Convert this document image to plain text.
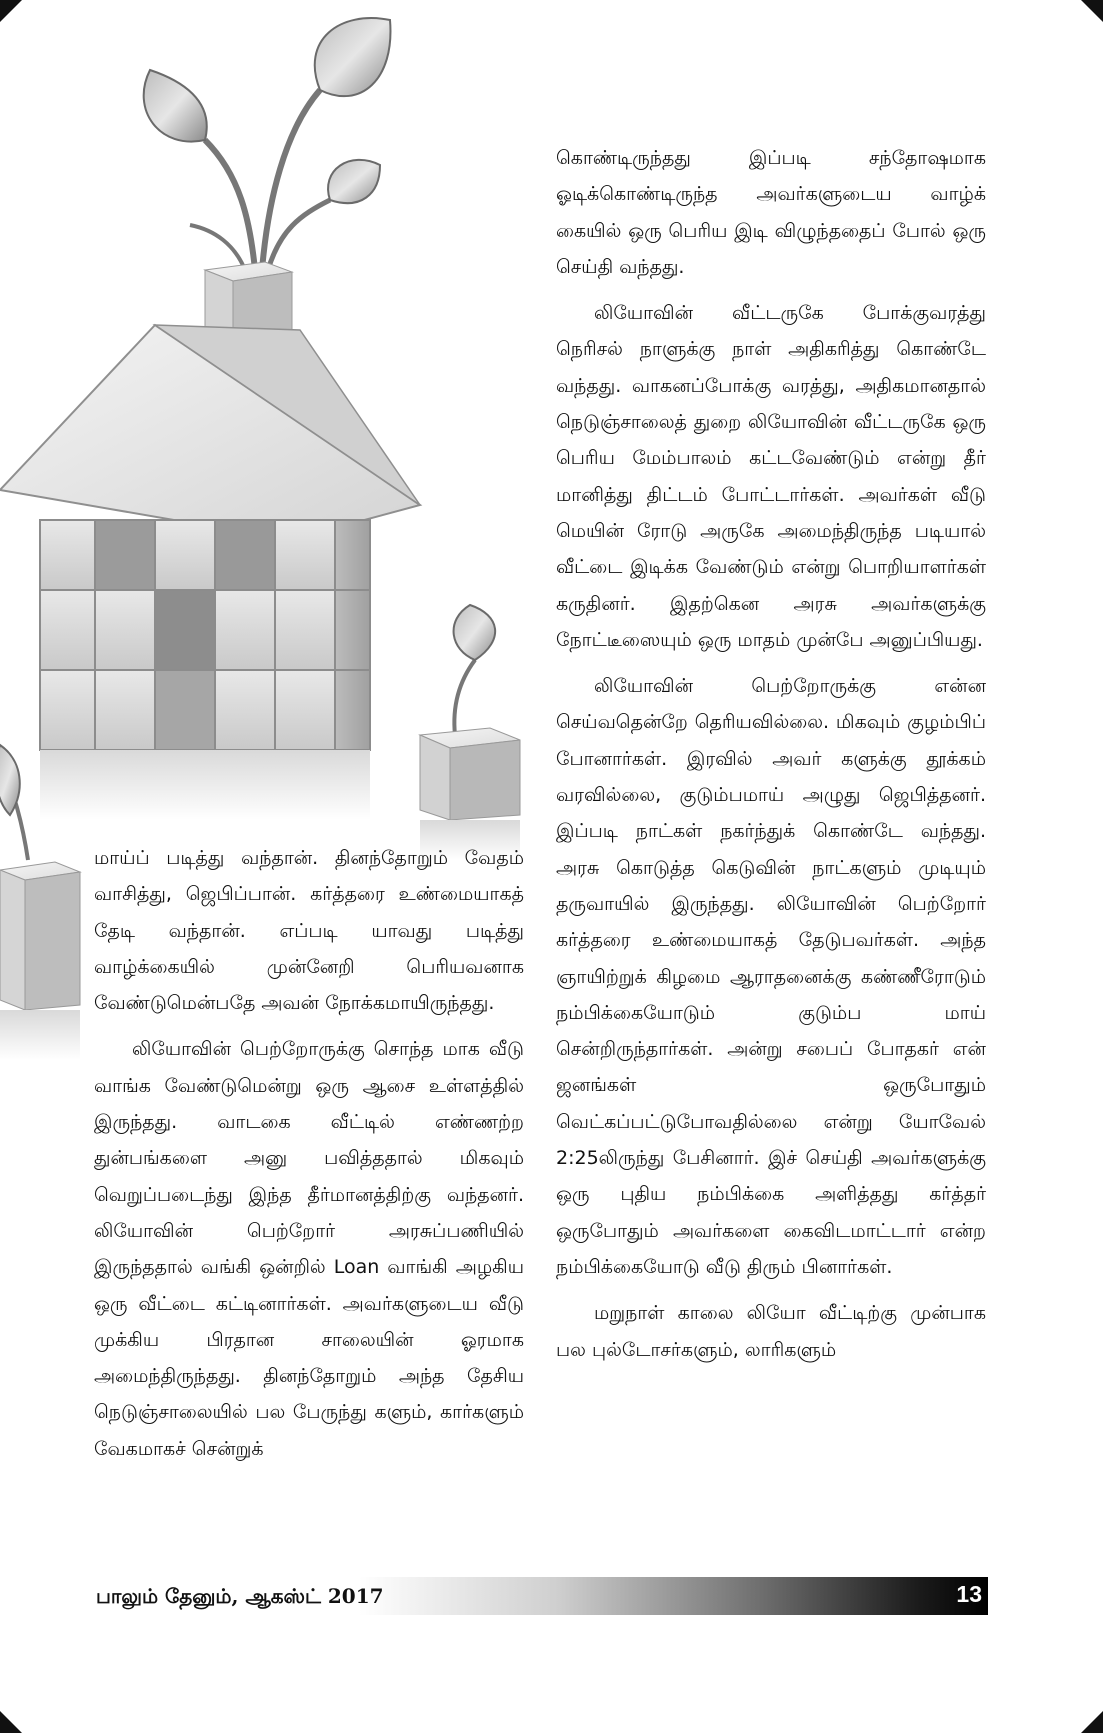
மாய்ப் படித்து வந்தான். தினந்தோறும் வேதம் வாசித்து, ஜெபிப்பான். கர்த்தரை உண்மையாகத் தேடி வந்தான். எப்படி யாவது படித்து வாழ்க்கையில் முன்னேறி பெரியவனாக வேண்டுமென்பதே அவன் நோக்கமாயிருந்தது.

லியோவின் பெற்றோருக்கு சொந்த மாக வீடு வாங்க வேண்டுமென்று ஒரு ஆசை உள்ளத்தில் இருந்தது. வாடகை வீட்டில் எண்ணற்ற துன்பங்களை அனு பவித்ததால் மிகவும் வெறுப்படைந்து இந்த தீர்மானத்திற்கு வந்தனர். லியோவின் பெற்றோர் அரசுப்பணியில் இருந்ததால் வங்கி ஒன்றில் Loan வாங்கி அழகிய ஒரு வீட்டை கட்டினார்கள். அவர்களுடைய வீடு முக்கிய பிரதான சாலையின் ஓரமாக அமைந்திருந்தது. தினந்தோறும் அந்த தேசிய நெடுஞ்சாலையில் பல பேருந்து களும், கார்களும் வேகமாகச் சென்றுக்

கொண்டிருந்தது இப்படி சந்தோஷமாக ஓடிக்கொண்டிருந்த அவர்களுடைய வாழ்க் கையில் ஒரு பெரிய இடி விழுந்ததைப் போல் ஒரு செய்தி வந்தது.

லியோவின் வீட்டருகே போக்குவரத்து நெரிசல் நாளுக்கு நாள் அதிகரித்து கொண்டே வந்தது. வாகனப்போக்கு வரத்து, அதிகமானதால் நெடுஞ்சாலைத் துறை லியோவின் வீட்டருகே ஒரு பெரிய மேம்பாலம் கட்டவேண்டும் என்று தீர் மானித்து திட்டம் போட்டார்கள். அவர்கள் வீடு மெயின் ரோடு அருகே அமைந்திருந்த படியால் வீட்டை இடிக்க வேண்டும் என்று பொறியாளர்கள் கருதினர். இதற்கென அரசு அவர்களுக்கு நோட்டீஸையும் ஒரு மாதம் முன்பே அனுப்பியது.

லியோவின் பெற்றோருக்கு என்ன செய்வதென்றே தெரியவில்லை. மிகவும் குழம்பிப் போனார்கள். இரவில் அவர் களுக்கு தூக்கம் வரவில்லை, குடும்பமாய் அழுது ஜெபித்தனர். இப்படி நாட்கள் நகர்ந்துக் கொண்டே வந்தது. அரசு கொடுத்த கெடுவின் நாட்களும் முடியும் தருவாயில் இருந்தது. லியோவின் பெற்றோர் கர்த்தரை உண்மையாகத் தேடுபவர்கள். அந்த ஞாயிற்றுக் கிழமை ஆராதனைக்கு கண்ணீரோடும் நம்பிக்கையோடும் குடும்ப மாய் சென்றிருந்தார்கள். அன்று சபைப் போதகர் என் ஜனங்கள் ஒருபோதும் வெட்கப்பட்டுபோவதில்லை என்று யோவேல் 2:25லிருந்து பேசினார். இச் செய்தி அவர்களுக்கு ஒரு புதிய நம்பிக்கை அளித்தது கர்த்தர் ஒருபோதும் அவர்களை கைவிடமாட்டார் என்ற நம்பிக்கையோடு வீடு திரும் பினார்கள்.

மறுநாள் காலை லியோ வீட்டிற்கு முன்பாக பல புல்டோசர்களும், லாரிகளும்

பாலும் தேனும், ஆகஸ்ட் 2017	13
